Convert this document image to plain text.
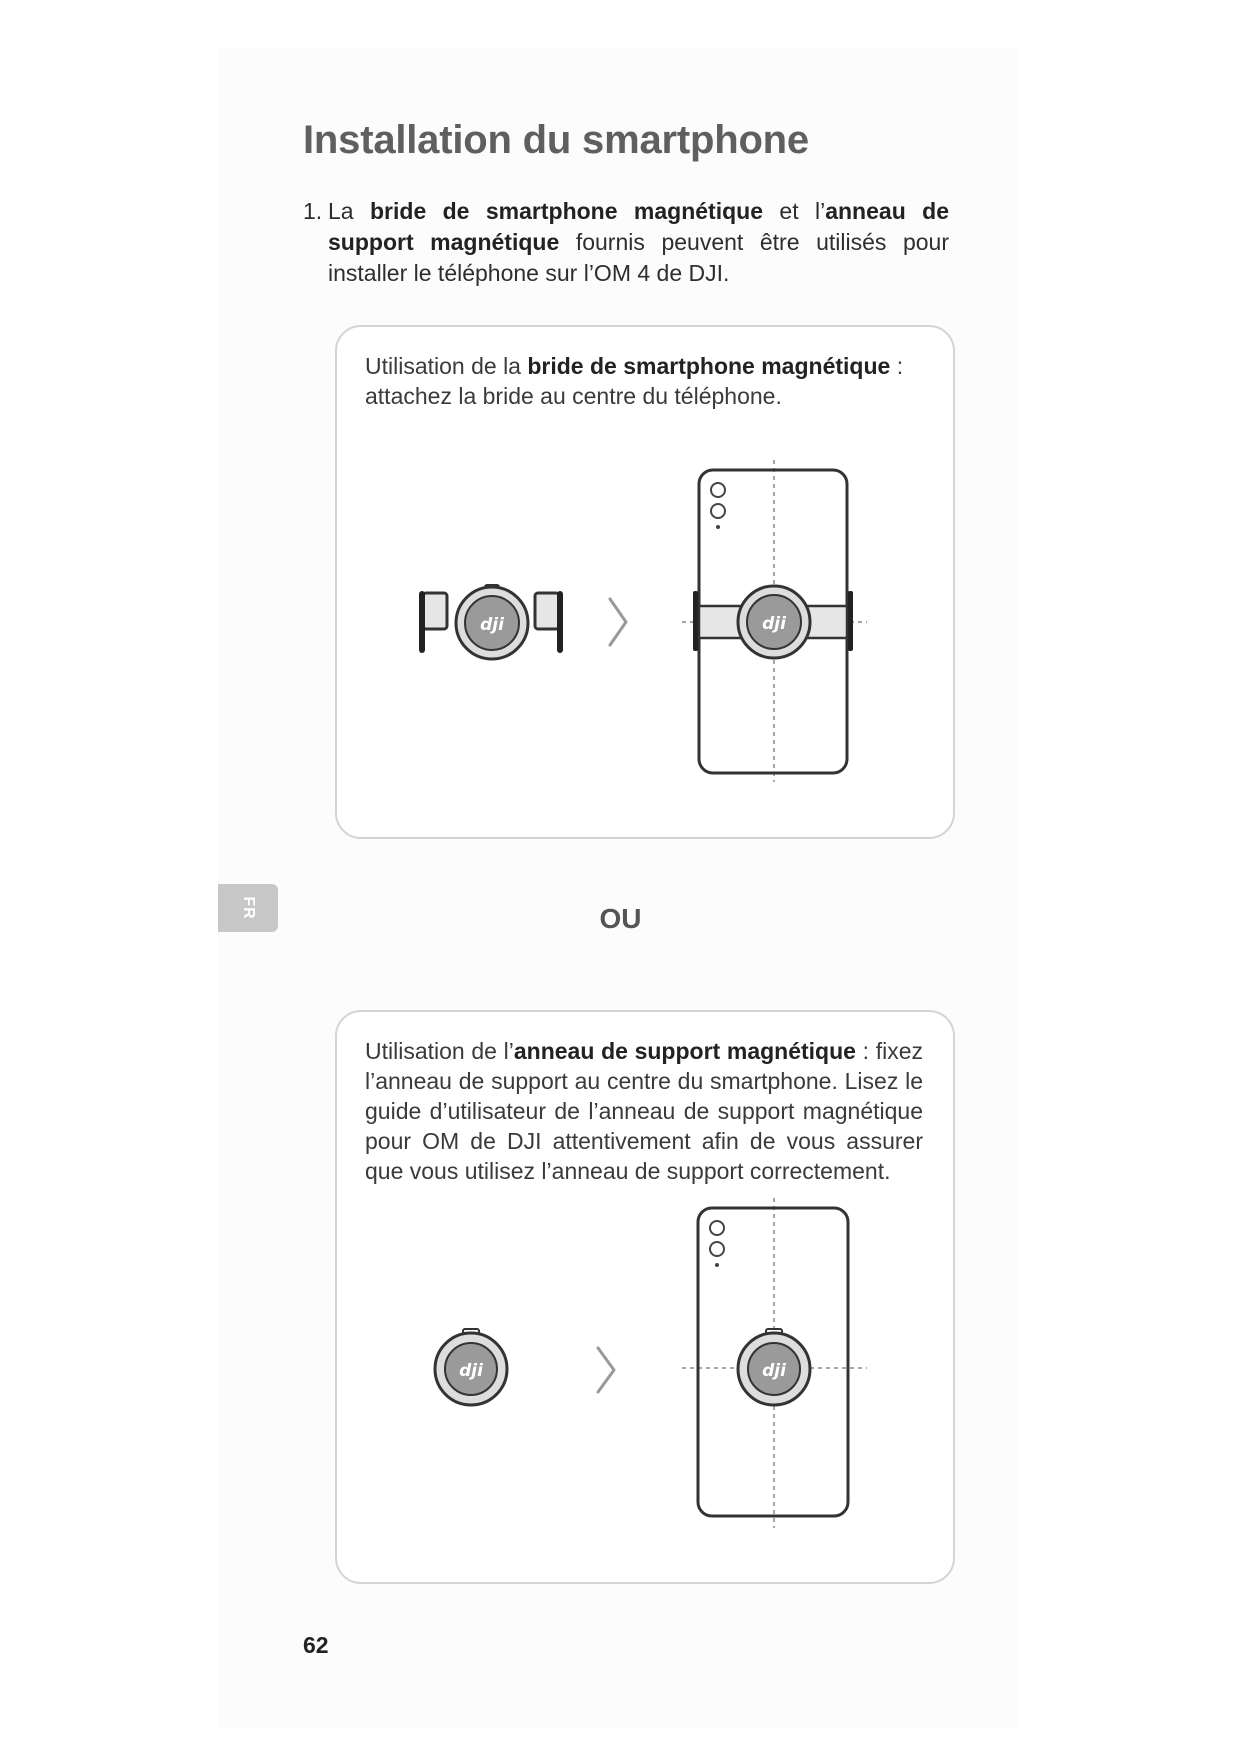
Installation du smartphone
1. La bride de smartphone magnétique et l’anneau de support magnétique fournis peuvent être utilisés pour installer le téléphone sur l’OM 4 de DJI.
Utilisation de la bride de smartphone magnétique : attachez la bride au centre du téléphone.
dji	dji
FR	OU
Utilisation de l’anneau de support magnétique : fixez l’anneau de support au centre du smartphone. Lisez le guide d’utilisateur de l’anneau de support magnétique pour OM de DJI attentivement afin de vous assurer que vous utilisez l’anneau de support correctement.
dji	dji
62
